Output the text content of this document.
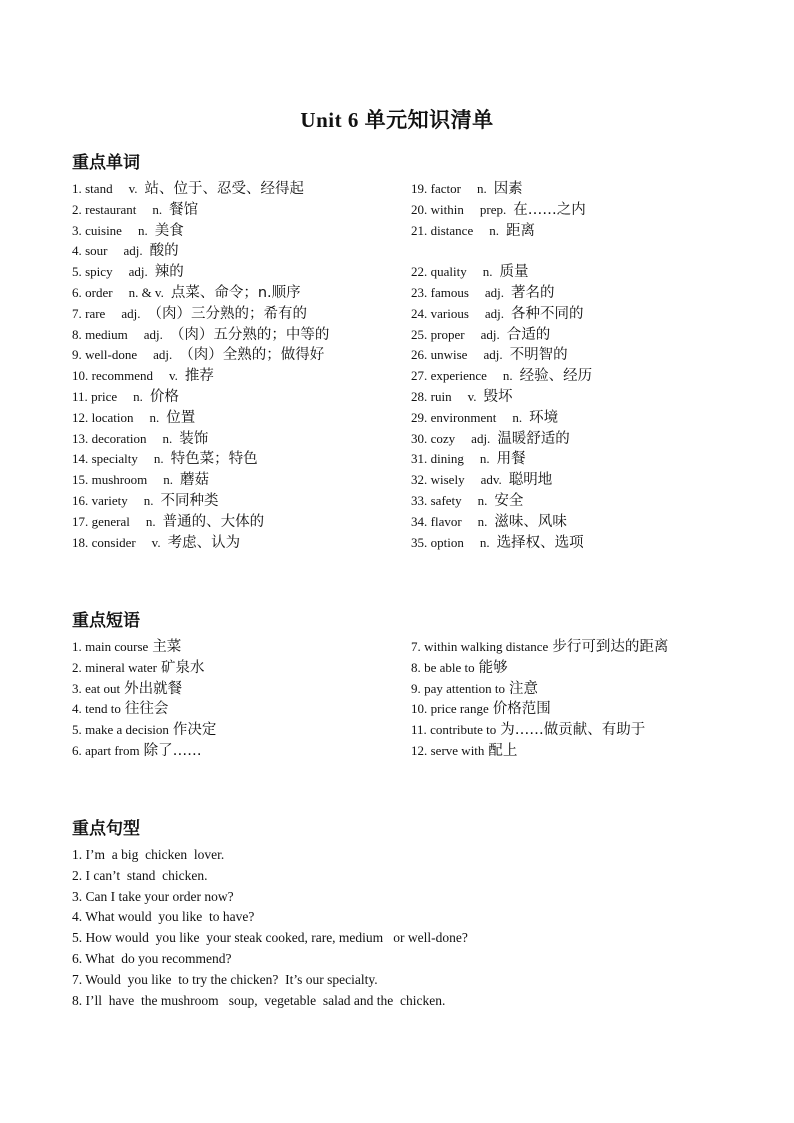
Unit 6 单元知识清单
重点单词
1. stand v. 站、位于、忍受、经得起
2. restaurant n. 餐馆
3. cuisine n. 美食
4. sour adj. 酸的
5. spicy adj. 辣的
6. order n. & v. 点菜、命令；n.顺序
7. rare adj. （肉）三分熟的；希有的
8. medium adj. （肉）五分熟的；中等的
9. well-done adj. （肉）全熟的；做得好
10. recommend v. 推荐
11. price n. 价格
12. location n. 位置
13. decoration n. 装饰
14. specialty n. 特色菜；特色
15. mushroom n. 蘑菇
16. variety n. 不同种类
17. general n. 普通的、大体的
18. consider v. 考虑、认为
19. factor n. 因素
20. within prep. 在……之内
21. distance n. 距离
22. quality n. 质量
23. famous adj. 著名的
24. various adj. 各种不同的
25. proper adj. 合适的
26. unwise adj. 不明智的
27. experience n. 经验、经历
28. ruin v. 毁坏
29. environment n. 环境
30. cozy adj. 温暖舒适的
31. dining n. 用餐
32. wisely adv. 聪明地
33. safety n. 安全
34. flavor n. 滋味、风味
35. option n. 选择权、选项
重点短语
1. main course 主菜
2. mineral water 矿泉水
3. eat out 外出就餐
4. tend to 往往会
5. make a decision 作决定
6. apart from 除了……
7. within walking distance 步行可到达的距离
8. be able to 能够
9. pay attention to 注意
10. price range 价格范围
11. contribute to 为……做贡献、有助于
12. serve with 配上
重点句型
1. I’m  a big  chicken  lover.
2. I can’t  stand  chicken.
3. Can I take your order now?
4. What would  you like  to have?
5. How would  you like  your steak cooked, rare, medium   or well-done?
6. What  do you recommend?
7. Would  you like  to try the chicken?  It’s our specialty.
8. I’ll  have  the mushroom   soup,  vegetable  salad and the  chicken.
